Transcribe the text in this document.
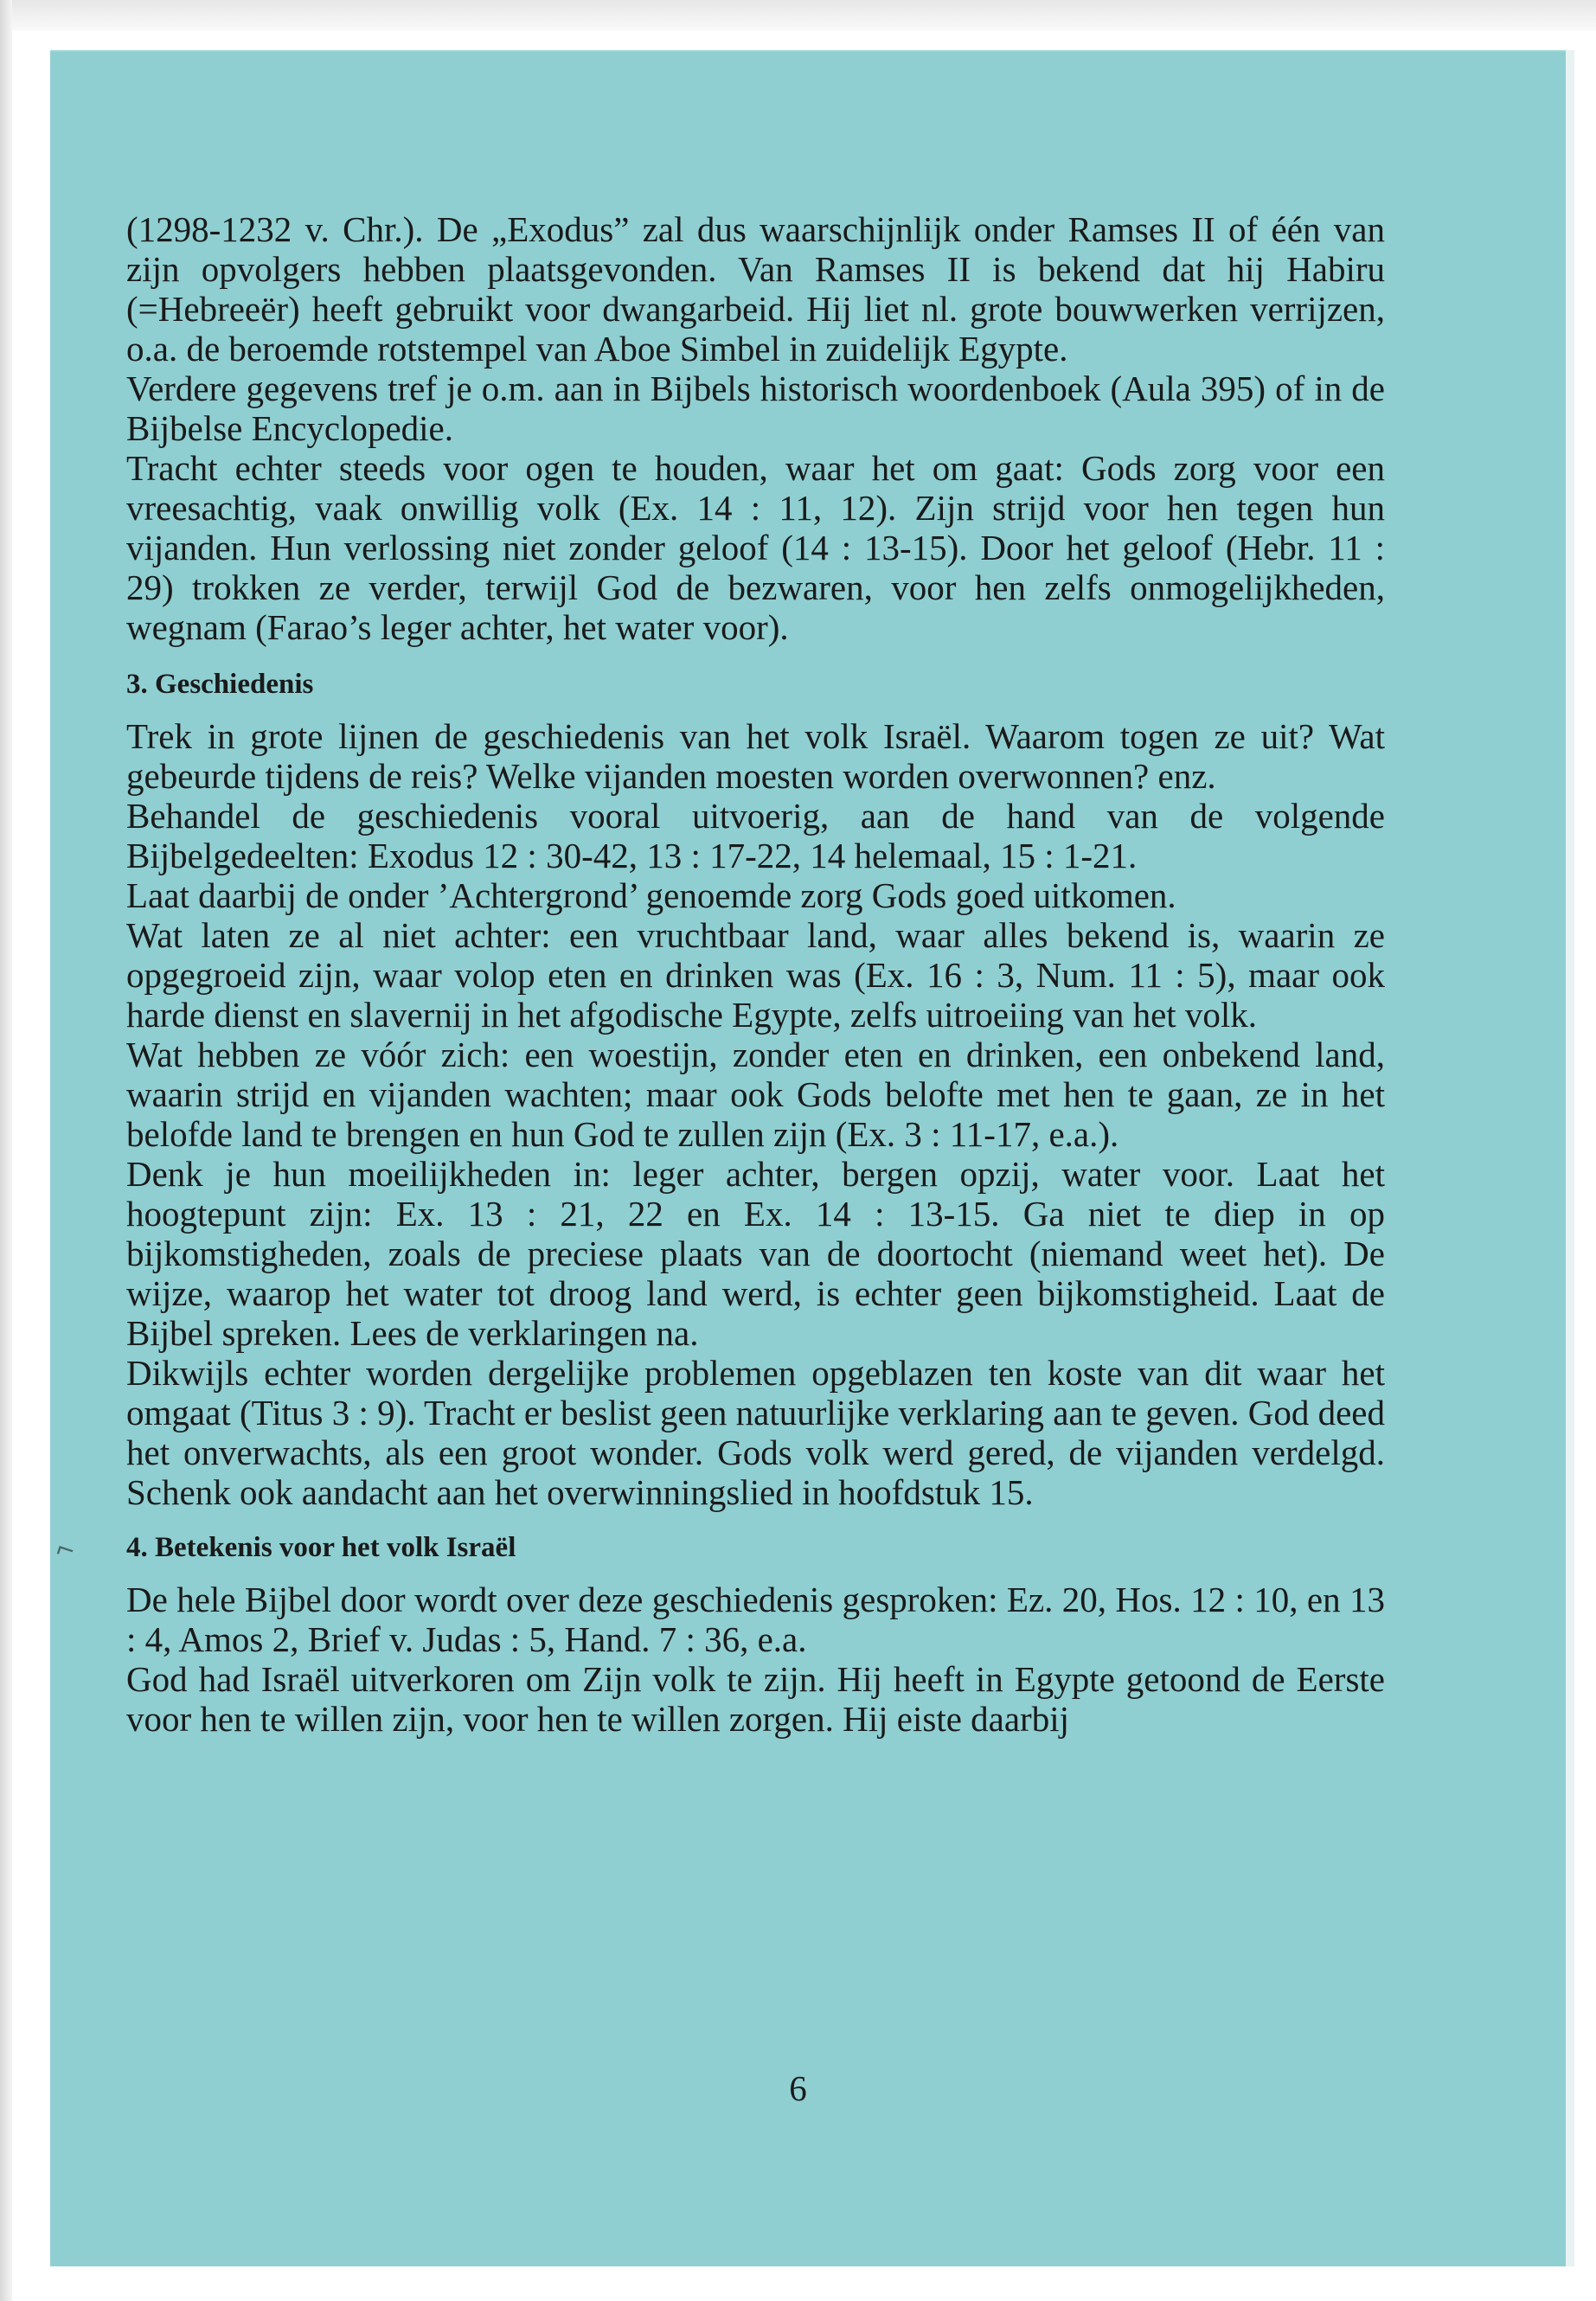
⌐

(1298-1232 v. Chr.). De „Exodus” zal dus waarschijnlijk onder Ramses II of één van zijn opvolgers hebben plaatsgevonden. Van Ramses II is bekend dat hij Habiru (=Hebreeër) heeft gebruikt voor dwangarbeid. Hij liet nl. grote bouwwerken verrijzen, o.a. de beroemde rotstempel van Aboe Simbel in zuidelijk Egypte.

Verdere gegevens tref je o.m. aan in Bijbels historisch woordenboek (Aula 395) of in de Bijbelse Encyclopedie.

Tracht echter steeds voor ogen te houden, waar het om gaat: Gods zorg voor een vreesachtig, vaak onwillig volk (Ex. 14 : 11, 12). Zijn strijd voor hen tegen hun vijanden. Hun verlossing niet zonder geloof (14 : 13-15). Door het geloof (Hebr. 11 : 29) trokken ze verder, terwijl God de bezwaren, voor hen zelfs onmogelijkheden, wegnam (Farao’s leger achter, het water voor).

3. Geschiedenis

Trek in grote lijnen de geschiedenis van het volk Israël. Waarom togen ze uit? Wat gebeurde tijdens de reis? Welke vijanden moesten worden overwonnen? enz.

Behandel de geschiedenis vooral uitvoerig, aan de hand van de volgende Bijbelgedeelten: Exodus 12 : 30-42, 13 : 17-22, 14 helemaal, 15 : 1-21.

Laat daarbij de onder ’Achtergrond’ genoemde zorg Gods goed uitkomen.

Wat laten ze al niet achter: een vruchtbaar land, waar alles bekend is, waarin ze opgegroeid zijn, waar volop eten en drinken was (Ex. 16 : 3, Num. 11 : 5), maar ook harde dienst en slavernij in het afgodische Egypte, zelfs uitroeiing van het volk.

Wat hebben ze vóór zich: een woestijn, zonder eten en drinken, een onbekend land, waarin strijd en vijanden wachten; maar ook Gods belofte met hen te gaan, ze in het belofde land te brengen en hun God te zullen zijn (Ex. 3 : 11-17, e.a.).

Denk je hun moeilijkheden in: leger achter, bergen opzij, water voor. Laat het hoogtepunt zijn: Ex. 13 : 21, 22 en Ex. 14 : 13-15. Ga niet te diep in op bijkomstigheden, zoals de preciese plaats van de doortocht (niemand weet het). De wijze, waarop het water tot droog land werd, is echter geen bijkomstigheid. Laat de Bijbel spreken. Lees de verklaringen na.

Dikwijls echter worden dergelijke problemen opgeblazen ten koste van dit waar het omgaat (Titus 3 : 9). Tracht er beslist geen natuurlijke verklaring aan te geven. God deed het onverwachts, als een groot wonder. Gods volk werd gered, de vijanden verdelgd. Schenk ook aandacht aan het overwinningslied in hoofdstuk 15.

4. Betekenis voor het volk Israël

De hele Bijbel door wordt over deze geschiedenis gesproken: Ez. 20, Hos. 12 : 10, en 13 : 4, Amos 2, Brief v. Judas : 5, Hand. 7 : 36, e.a.

God had Israël uitverkoren om Zijn volk te zijn. Hij heeft in Egypte getoond de Eerste voor hen te willen zijn, voor hen te willen zorgen. Hij eiste daarbij

6
